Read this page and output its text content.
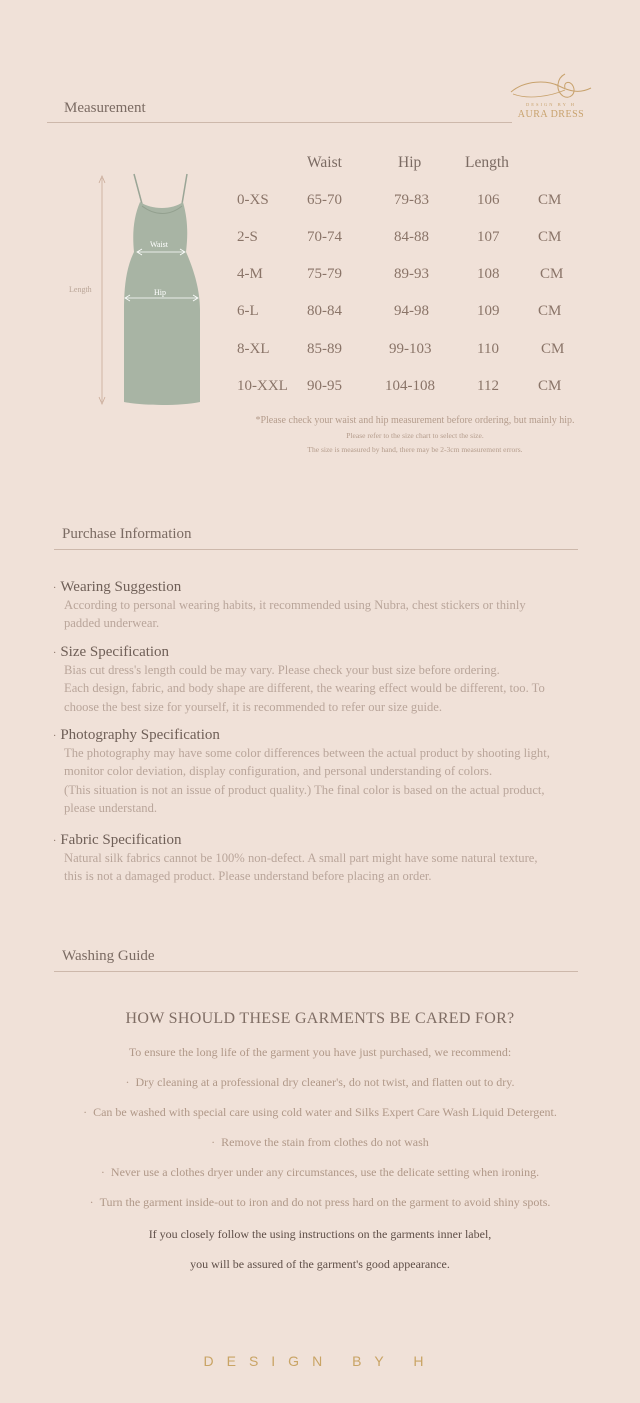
Measurement	DESIGN BY H
AURA DRESS
Length
Waist
Hip
Waist	Hip	Length
0-XS	65-70	79-83	106	CM
2-S	70-74	84-88	107	CM
4-M	75-79	89-93	108	CM
6-L	80-84	94-98	109	CM
8-XL	85-89	99-103	110	CM
10-XXL 90-95	104-108	112	CM
*Please check your waist and hip measurement before ordering, but mainly hip.
Please refer to the size chart to select the size.
The size is measured by hand, there may be 2-3cm measurement errors.
Purchase Information
· Wearing Suggestion
According to personal wearing habits, it recommended using Nubra, chest stickers or thinly
padded underwear.
· Size Specification
Bias cut dress's length could be may vary. Please check your bust size before ordering.
Each design, fabric, and body shape are different, the wearing effect would be different, too. To
choose the best size for yourself, it is recommended to refer our size guide.
· Photography Specification
The photography may have some color differences between the actual product by shooting light,
monitor color deviation, display configuration, and personal understanding of colors.
(This situation is not an issue of product quality.) The final color is based on the actual product,
please understand.
· Fabric Specification
Natural silk fabrics cannot be 100% non-defect. A small part might have some natural texture,
this is not a damaged product. Please understand before placing an order.
Washing Guide
HOW SHOULD THESE GARMENTS BE CARED FOR?
To ensure the long life of the garment you have just purchased, we recommend:
·  Dry cleaning at a professional dry cleaner's, do not twist, and flatten out to dry.
·  Can be washed with special care using cold water and Silks Expert Care Wash Liquid Detergent.
·  Remove the stain from clothes do not wash
·  Never use a clothes dryer under any circumstances, use the delicate setting when ironing.
·  Turn the garment inside-out to iron and do not press hard on the garment to avoid shiny spots.
If you closely follow the using instructions on the garments inner label,
you will be assured of the garment's good appearance.
DESIGN BY H
